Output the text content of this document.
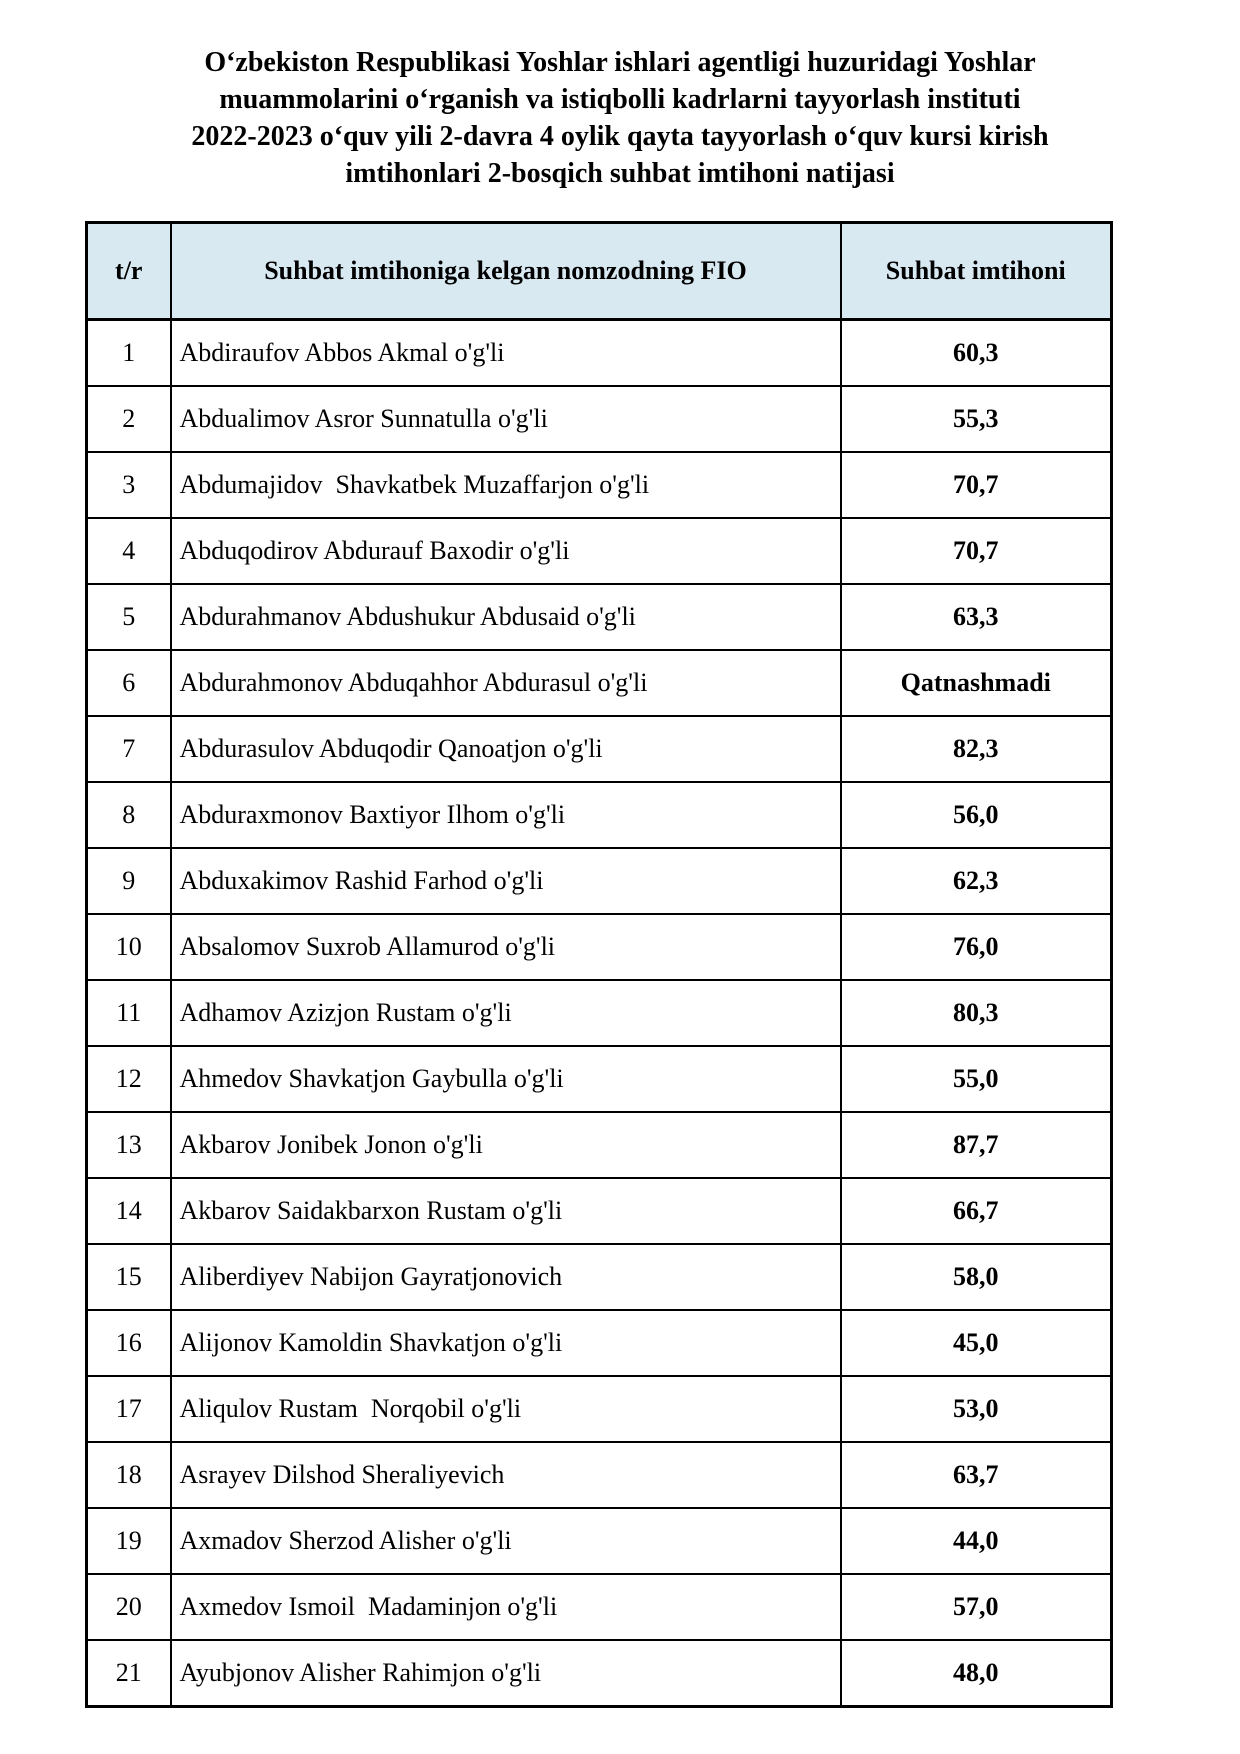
Oʻzbekiston Respublikasi Yoshlar ishlari agentligi huzuridagi Yoshlar
muammolarini oʻrganish va istiqbolli kadrlarni tayyorlash instituti
2022-2023 oʻquv yili 2-davra 4 oylik qayta tayyorlash oʻquv kursi kirish
imtihonlari 2-bosqich suhbat imtihoni natijasi
t/r	Suhbat imtihoniga kelgan nomzodning FIO	Suhbat imtihoni
1	Abdiraufov Abbos Akmal o'g'li	60,3
2	Abdualimov Asror Sunnatulla o'g'li	55,3
3	Abdumajidov  Shavkatbek Muzaffarjon o'g'li	70,7
4	Abduqodirov Abdurauf Baxodir o'g'li	70,7
5	Abdurahmanov Abdushukur Abdusaid o'g'li	63,3
6	Abdurahmonov Abduqahhor Abdurasul o'g'li	Qatnashmadi
7	Abdurasulov Abduqodir Qanoatjon o'g'li	82,3
8	Abduraxmonov Baxtiyor Ilhom o'g'li	56,0
9	Abduxakimov Rashid Farhod o'g'li	62,3
10	Absalomov Suxrob Allamurod o'g'li	76,0
11	Adhamov Azizjon Rustam o'g'li	80,3
12	Ahmedov Shavkatjon Gaybulla o'g'li	55,0
13	Akbarov Jonibek Jonon o'g'li	87,7
14	Akbarov Saidakbarxon Rustam o'g'li	66,7
15	Aliberdiyev Nabijon Gayratjonovich	58,0
16	Alijonov Kamoldin Shavkatjon o'g'li	45,0
17	Aliqulov Rustam  Norqobil o'g'li	53,0
18	Asrayev Dilshod Sheraliyevich	63,7
19	Axmadov Sherzod Alisher o'g'li	44,0
20	Axmedov Ismoil  Madaminjon o'g'li	57,0
21	Ayubjonov Alisher Rahimjon o'g'li	48,0
